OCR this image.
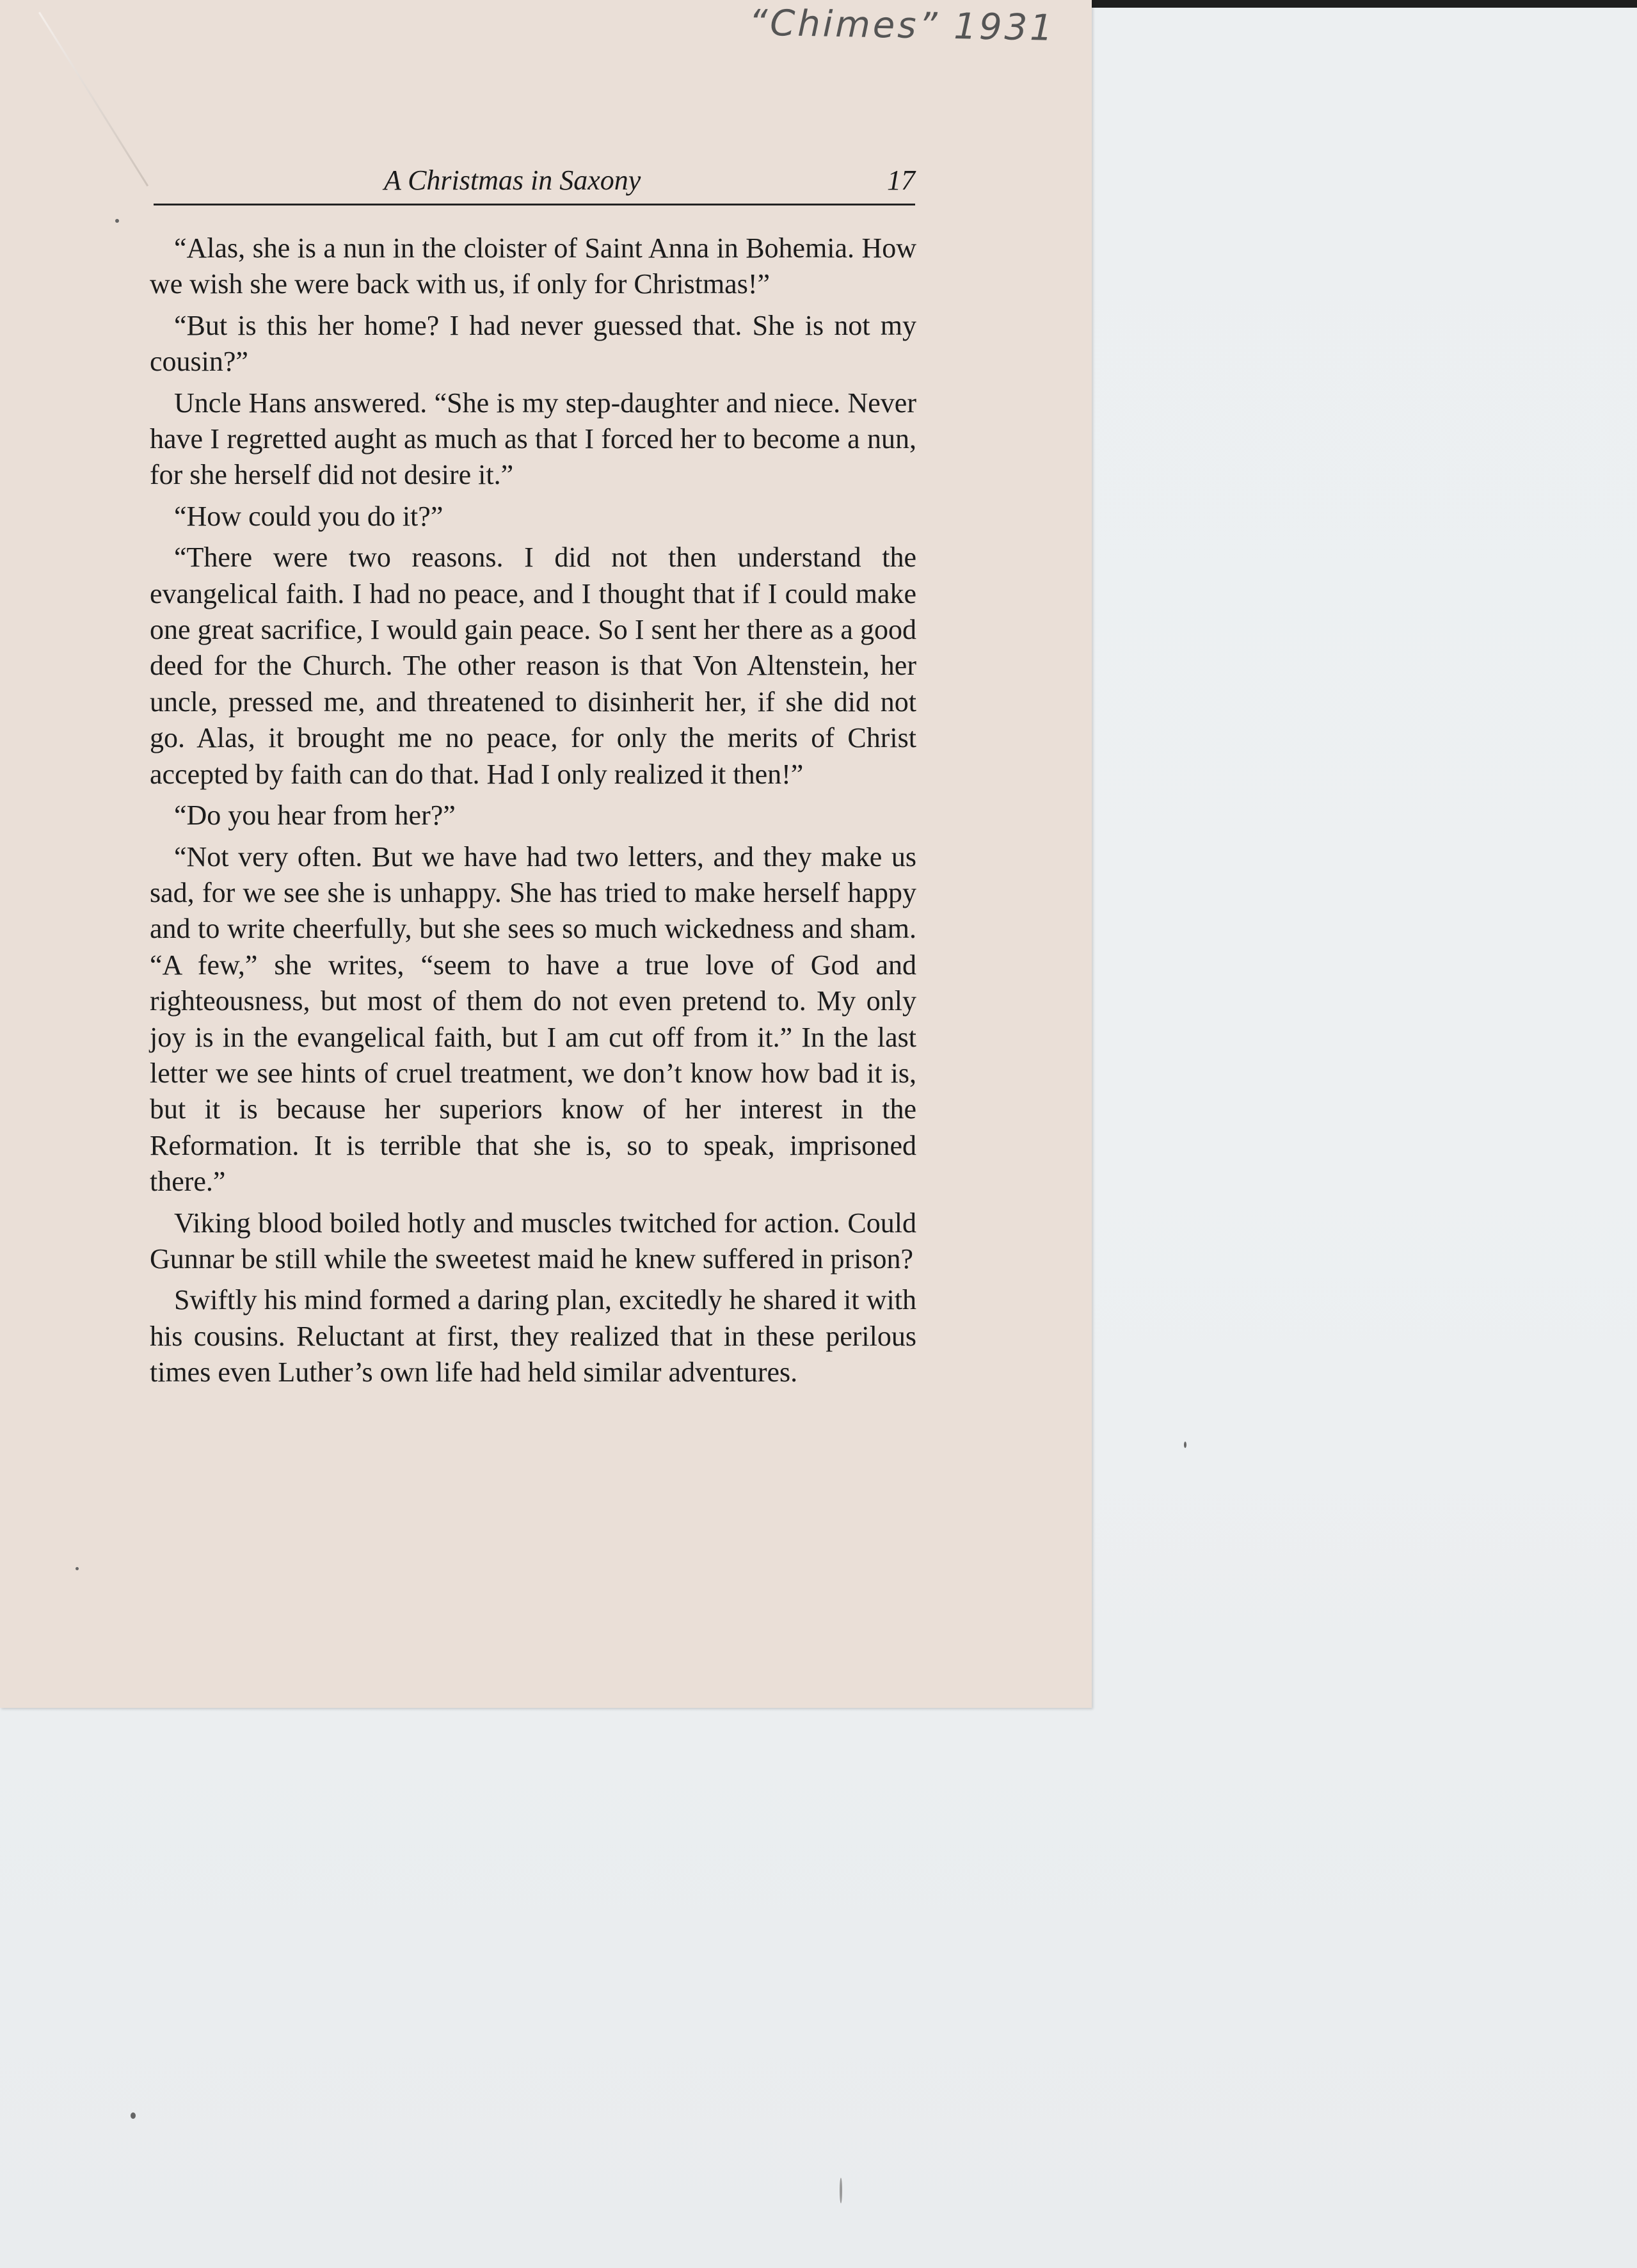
“Chimes” 1931
A Christmas in Saxony	17

“Alas, she is a nun in the cloister of Saint Anna in Bohemia. How we wish she were back with us, if only for Christmas!”

“But is this her home? I had never guessed that. She is not my cousin?”

Uncle Hans answered. “She is my step-daughter and niece. Never have I regretted aught as much as that I forced her to become a nun, for she herself did not desire it.”

“How could you do it?”

“There were two reasons. I did not then understand the evangelical faith. I had no peace, and I thought that if I could make one great sacrifice, I would gain peace. So I sent her there as a good deed for the Church. The other reason is that Von Altenstein, her uncle, pressed me, and threatened to disinherit her, if she did not go. Alas, it brought me no peace, for only the merits of Christ accepted by faith can do that. Had I only realized it then!”

“Do you hear from her?”

“Not very often. But we have had two letters, and they make us sad, for we see she is unhappy. She has tried to make herself happy and to write cheerfully, but she sees so much wickedness and sham. “A few,” she writes, “seem to have a true love of God and righteousness, but most of them do not even pretend to. My only joy is in the evangelical faith, but I am cut off from it.” In the last letter we see hints of cruel treatment, we don’t know how bad it is, but it is because her superiors know of her interest in the Reformation. It is terrible that she is, so to speak, imprisoned there.”

Viking blood boiled hotly and muscles twitched for action. Could Gunnar be still while the sweetest maid he knew suffered in prison?

Swiftly his mind formed a daring plan, excitedly he shared it with his cousins. Reluctant at first, they realized that in these perilous times even Luther’s own life had held similar adventures.
